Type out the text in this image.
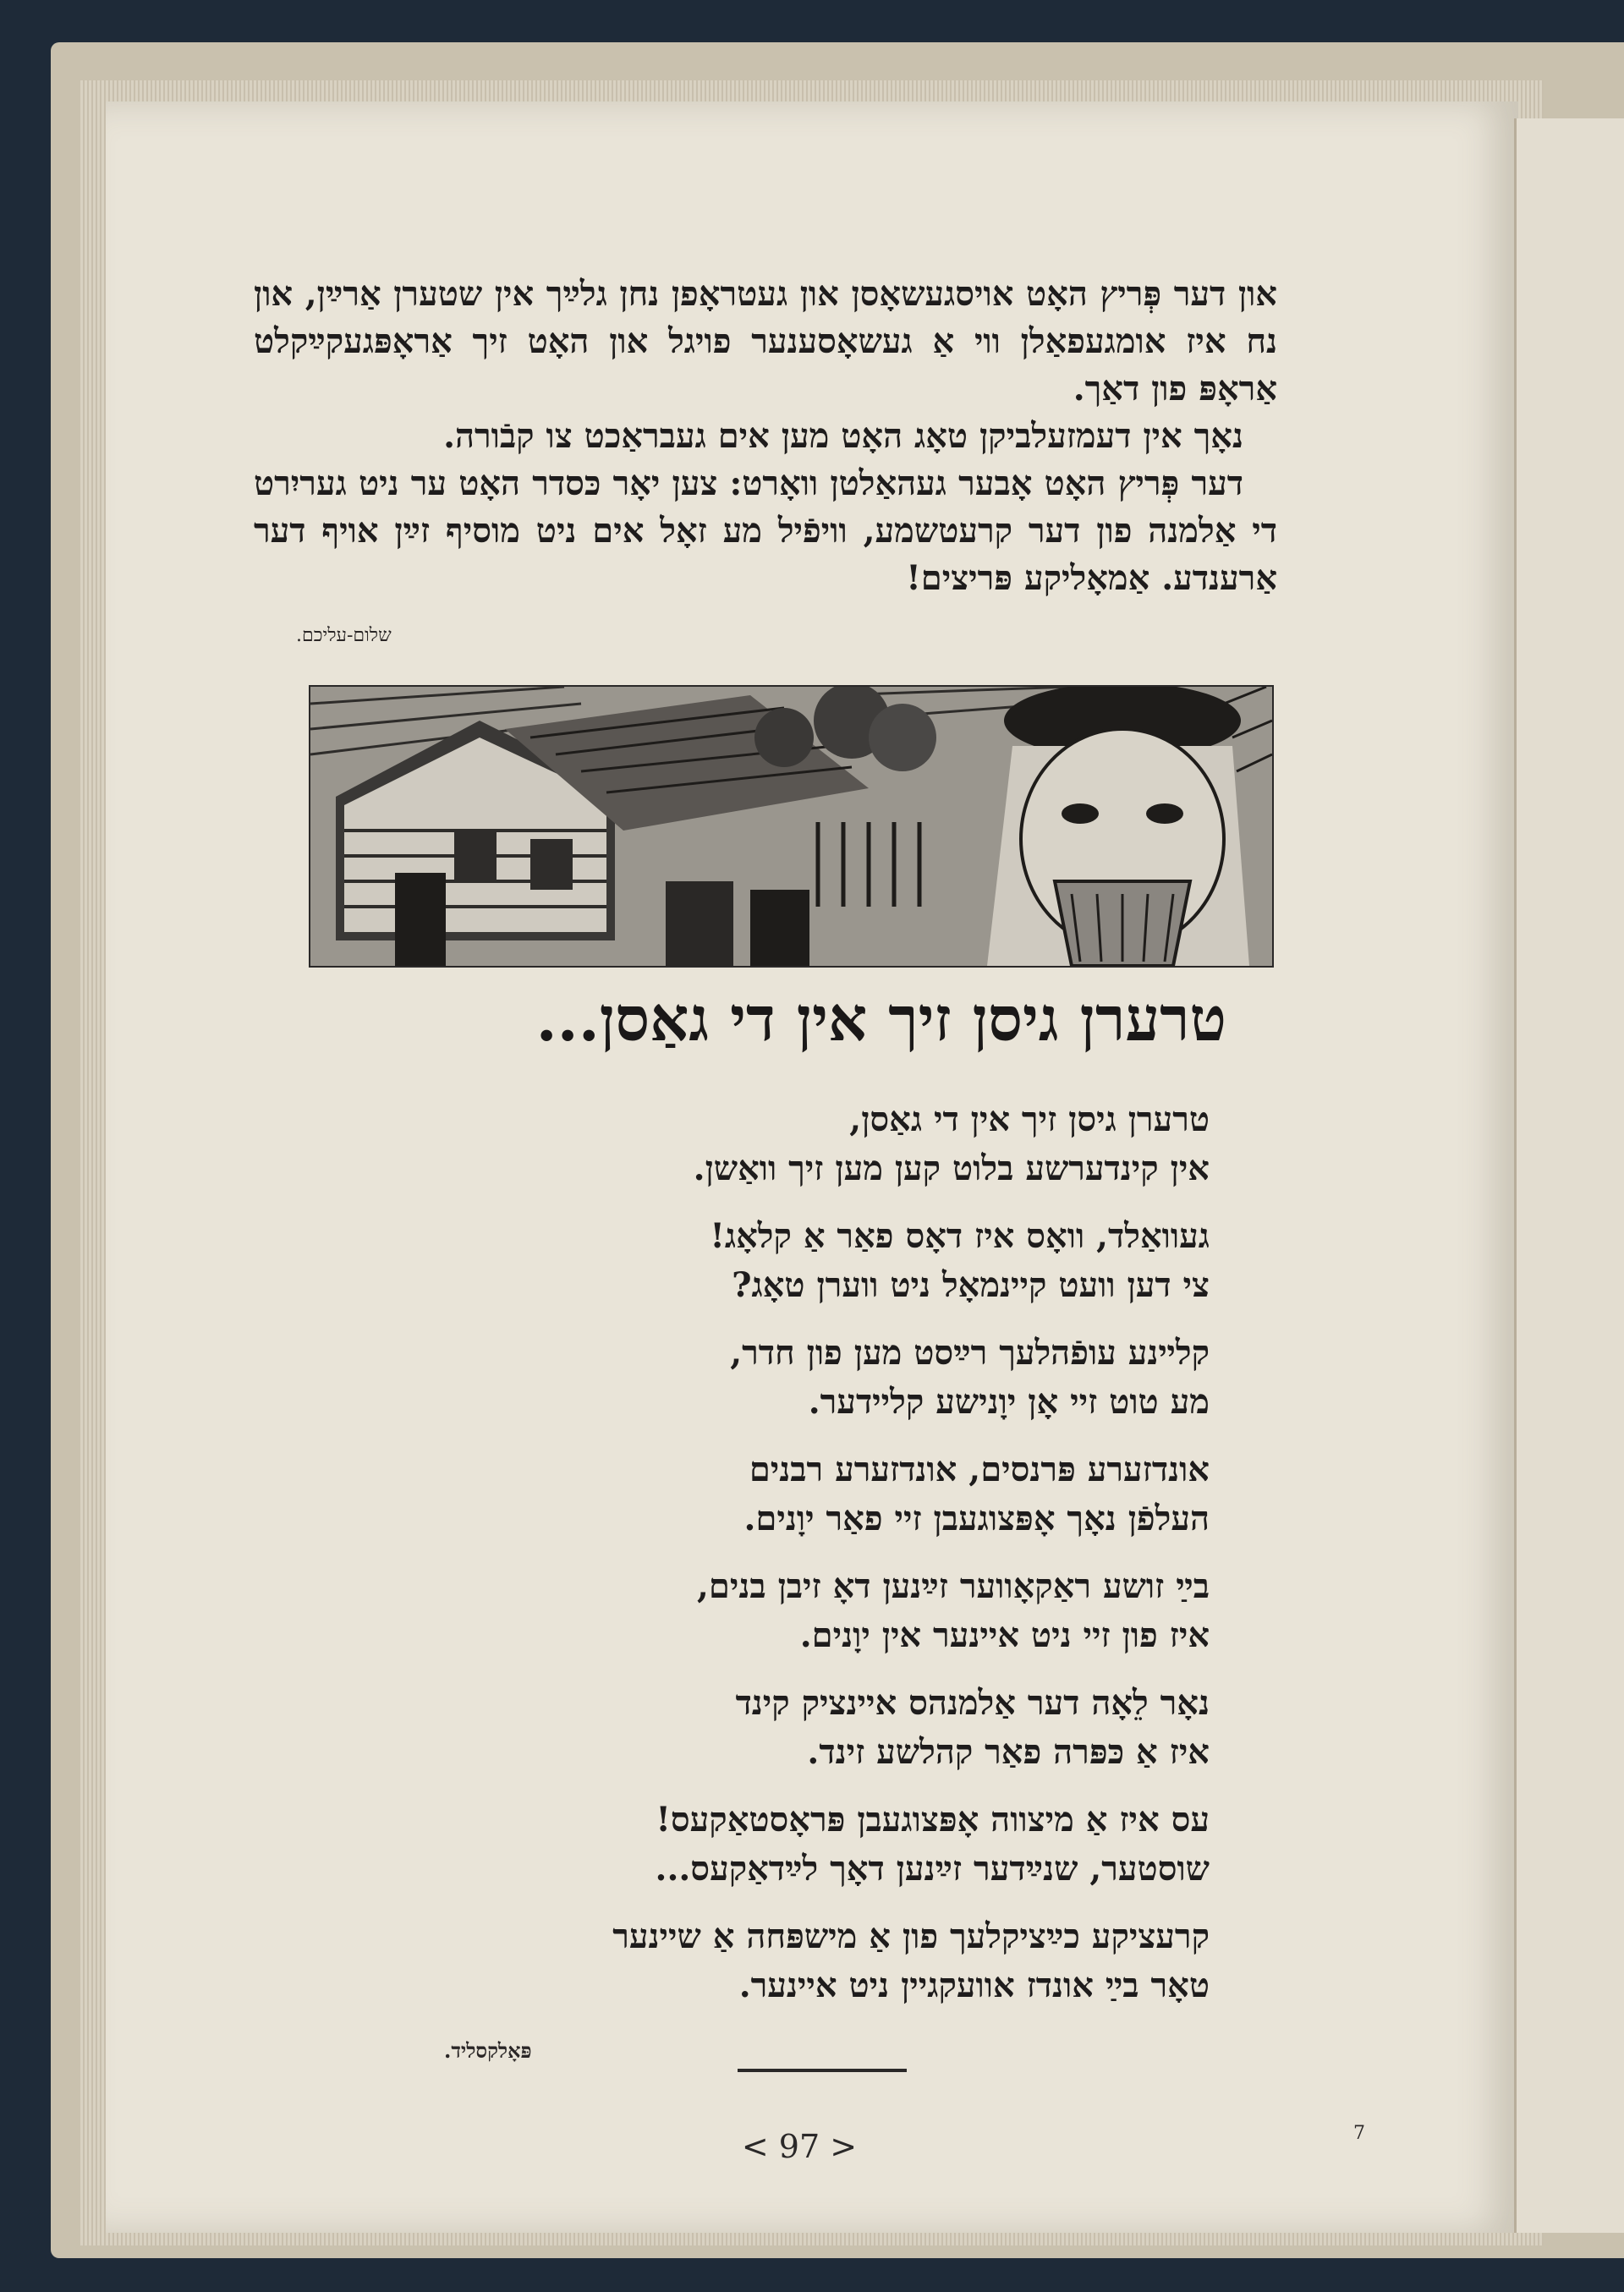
און דער פְּריץ האָט אויסגעשאָסן און געטראָפן נחן גלײַך אין שטערן אַרײַן, און נח איז אומגעפאַלן ווי אַ געשאָסענער פויגל און האָט זיך אַראָפּגעקײַקלט אַראָפּ פון דאַך.

נאָך אין דעמזעלביקן טאָג האָט מען אים געבראַכט צו קבֿורה.

דער פְּריץ האָט אָבער געהאַלטן וואָרט: צען יאָר כּסדר האָט ער ניט געריִרט די אַלמנה פון דער קרעטשמע, וויפֿיל מע זאָל אים ניט מוסיף זײַן אויף דער אַרענדע. אַמאָליקע פּריצים!

שלום-עליכם.
טרערן גיסן זיך אין די גאַסן...
טרערן גיסן זיך אין די גאַסן,
אין קינדערשע בלוט קען מען זיך וואַשן.
געוואַלד, וואָס איז דאָס פאַר אַ קלאָג!
צי דען וועט קיינמאָל ניט ווערן טאָג?
קלײנע עופֿהלעך רײַסט מען פון חדר,
מע טוט זיי אָן יוָנישע קליידער.
אונדזערע פּרנסים, אונדזערע רבנים
העלפֿן נאָך אָפּצוגעבן זיי פאַר יוָנים.
בײַ זושע ראַקאָווער זײַנען דאָ זיבן בנים,
איז פון זיי ניט איינער אין יוָנים.
נאָר לֵאָה דער אַלמנהס איינציק קינד
איז אַ כּפּרה פאַר קהלשע זינד.
עס איז אַ מיצווה אָפּצוגעבן פּראָסטאַקעס!
שוסטער, שנײַדער זײַנען דאָך לײַדאַקעס...
קרעציקע כײַציקלעך פון אַ מישפּחה אַ שיינער
טאָר בײַ אונדז אוועקגיין ניט איינער.
פּאָלקסליד.
< 97 >	7
